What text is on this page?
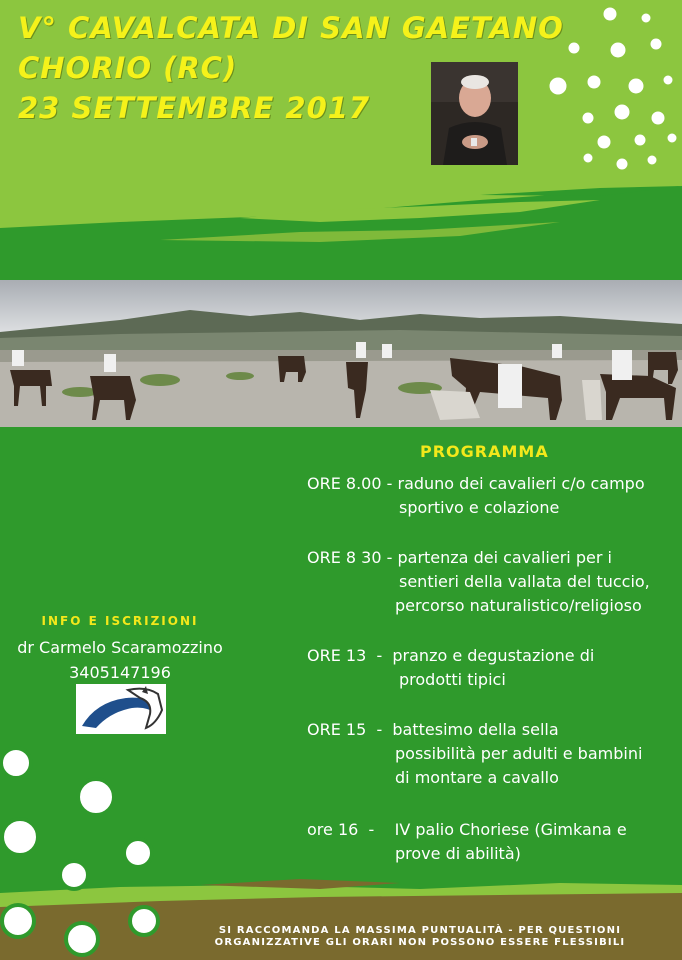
V° CAVALCATA DI SAN GAETANO
CHORIO (RC)
23 SETTEMBRE 2017
PROGRAMMA
ORE 8.00 - raduno dei cavalieri c/o campo
sportivo e colazione
ORE 8 30 - partenza dei cavalieri per i
sentieri della vallata del tuccio,
percorso naturalistico/religioso
ORE 13  -  pranzo e degustazione di
prodotti tipici
ORE 15  -  battesimo della sella
possibilità per adulti e bambini
di montare a cavallo
ore 16  -    IV palio Choriese (Gimkana e
prove di abilità)
INFO E ISCRIZIONI
dr Carmelo Scaramozzino
3405147196
SI RACCOMANDA LA MASSIMA PUNTUALITÀ - PER QUESTIONI
ORGANIZZATIVE GLI ORARI NON POSSONO ESSERE FLESSIBILI
